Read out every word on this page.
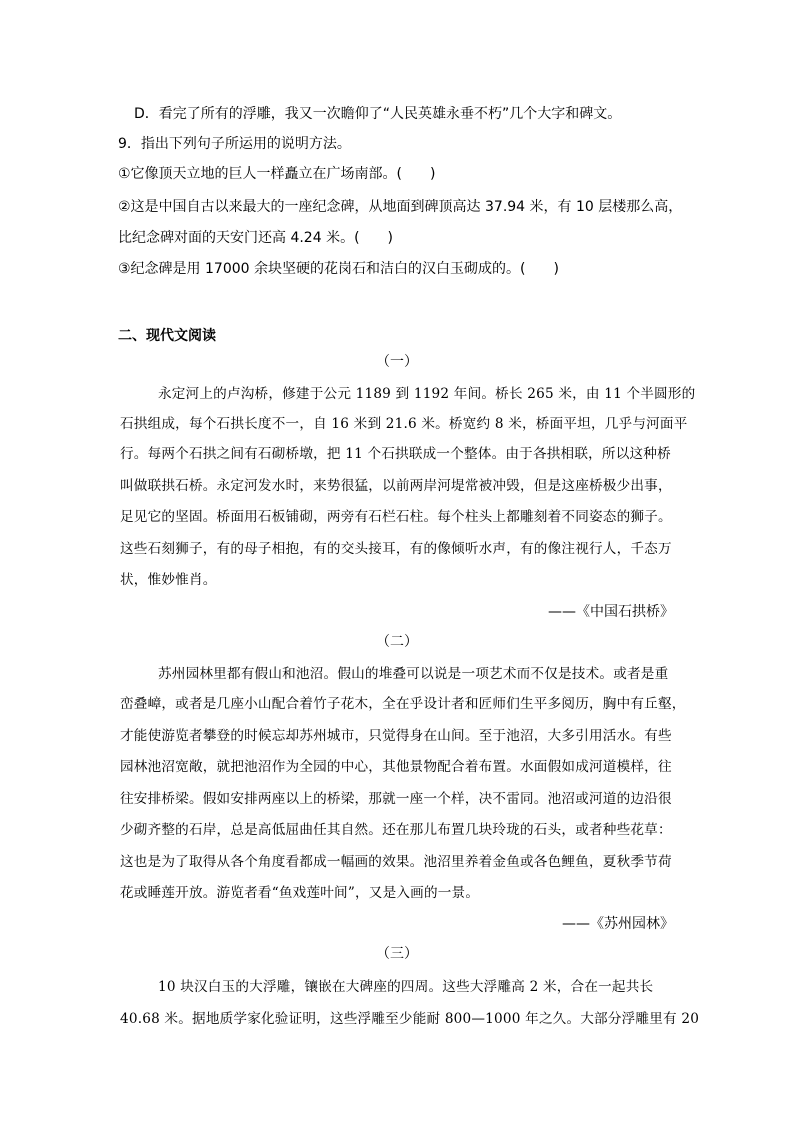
D．看完了所有的浮雕，我又一次瞻仰了“人民英雄永垂不朽”几个大字和碑文。
9．指出下列句子所运用的说明方法。
①它像顶天立地的巨人一样矗立在广场南部。(　　)
②这是中国自古以来最大的一座纪念碑，从地面到碑顶高达 37.94 米，有 10 层楼那么高，
比纪念碑对面的天安门还高 4.24 米。(　　)
③纪念碑是用 17000 余块坚硬的花岗石和洁白的汉白玉砌成的。(　　)
二、现代文阅读
（一）
永定河上的卢沟桥，修建于公元 1189 到 1192 年间。桥长 265 米，由 11 个半圆形的
石拱组成，每个石拱长度不一，自 16 米到 21.6 米。桥宽约 8 米，桥面平坦，几乎与河面平
行。每两个石拱之间有石砌桥墩，把 11 个石拱联成一个整体。由于各拱相联，所以这种桥
叫做联拱石桥。永定河发水时，来势很猛，以前两岸河堤常被冲毁，但是这座桥极少出事，
足见它的坚固。桥面用石板铺砌，两旁有石栏石柱。每个柱头上都雕刻着不同姿态的狮子。
这些石刻狮子，有的母子相抱，有的交头接耳，有的像倾听水声，有的像注视行人，千态万
状，惟妙惟肖。
——《中国石拱桥》
（二）
苏州园林里都有假山和池沼。假山的堆叠可以说是一项艺术而不仅是技术。或者是重
峦叠嶂，或者是几座小山配合着竹子花木，全在乎设计者和匠师们生平多阅历，胸中有丘壑，
才能使游览者攀登的时候忘却苏州城市，只觉得身在山间。至于池沼，大多引用活水。有些
园林池沼宽敞，就把池沼作为全园的中心，其他景物配合着布置。水面假如成河道模样，往
往安排桥梁。假如安排两座以上的桥梁，那就一座一个样，决不雷同。池沼或河道的边沿很
少砌齐整的石岸，总是高低屈曲任其自然。还在那儿布置几块玲珑的石头，或者种些花草：
这也是为了取得从各个角度看都成一幅画的效果。池沼里养着金鱼或各色鲤鱼，夏秋季节荷
花或睡莲开放。游览者看“鱼戏莲叶间”，又是入画的一景。
——《苏州园林》
（三）
10 块汉白玉的大浮雕，镶嵌在大碑座的四周。这些大浮雕高 2 米，合在一起共长
40.68 米。据地质学家化验证明，这些浮雕至少能耐 800—1000 年之久。大部分浮雕里有 20
